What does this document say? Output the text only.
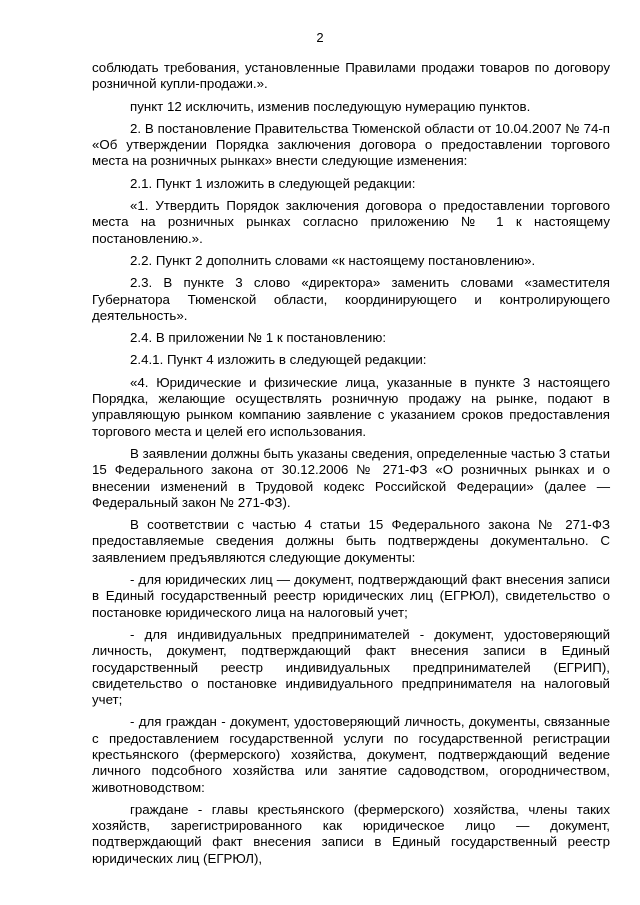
2

соблюдать требования, установленные Правилами продажи товаров по договору розничной купли-продажи.».

пункт 12 исключить, изменив последующую нумерацию пунктов.

2. В постановление Правительства Тюменской области от 10.04.2007 № 74-п «Об утверждении Порядка заключения договора о предоставлении торгового места на розничных рынках» внести следующие изменения:

2.1. Пункт 1 изложить в следующей редакции:

«1. Утвердить Порядок заключения договора о предоставлении торгового места на розничных рынках согласно приложению № 1 к настоящему постановлению.».

2.2. Пункт 2 дополнить словами «к настоящему постановлению».

2.3. В пункте 3 слово «директора» заменить словами «заместителя Губернатора Тюменской области, координирующего и контролирующего деятельность».

2.4. В приложении № 1 к постановлению:

2.4.1. Пункт 4 изложить в следующей редакции:

«4. Юридические и физические лица, указанные в пункте 3 настоящего Порядка, желающие осуществлять розничную продажу на рынке, подают в управляющую рынком компанию заявление с указанием сроков предоставления торгового места и целей его использования.

В заявлении должны быть указаны сведения, определенные частью 3 статьи 15 Федерального закона от 30.12.2006 № 271-ФЗ «О розничных рынках и о внесении изменений в Трудовой кодекс Российской Федерации» (далее — Федеральный закон № 271-ФЗ).

В соответствии с частью 4 статьи 15 Федерального закона № 271-ФЗ предоставляемые сведения должны быть подтверждены документально. С заявлением предъявляются следующие документы:

- для юридических лиц — документ, подтверждающий факт внесения записи в Единый государственный реестр юридических лиц (ЕГРЮЛ), свидетельство о постановке юридического лица на налоговый учет;

- для индивидуальных предпринимателей - документ, удостоверяющий личность, документ, подтверждающий факт внесения записи в Единый государственный реестр индивидуальных предпринимателей (ЕГРИП), свидетельство о постановке индивидуального предпринимателя на налоговый учет;

- для граждан - документ, удостоверяющий личность, документы, связанные с предоставлением государственной услуги по государственной регистрации крестьянского (фермерского) хозяйства, документ, подтверждающий ведение личного подсобного хозяйства или занятие садоводством, огородничеством, животноводством:

граждане - главы крестьянского (фермерского) хозяйства, члены таких хозяйств, зарегистрированного как юридическое лицо — документ, подтверждающий факт внесения записи в Единый государственный реестр юридических лиц (ЕГРЮЛ),
